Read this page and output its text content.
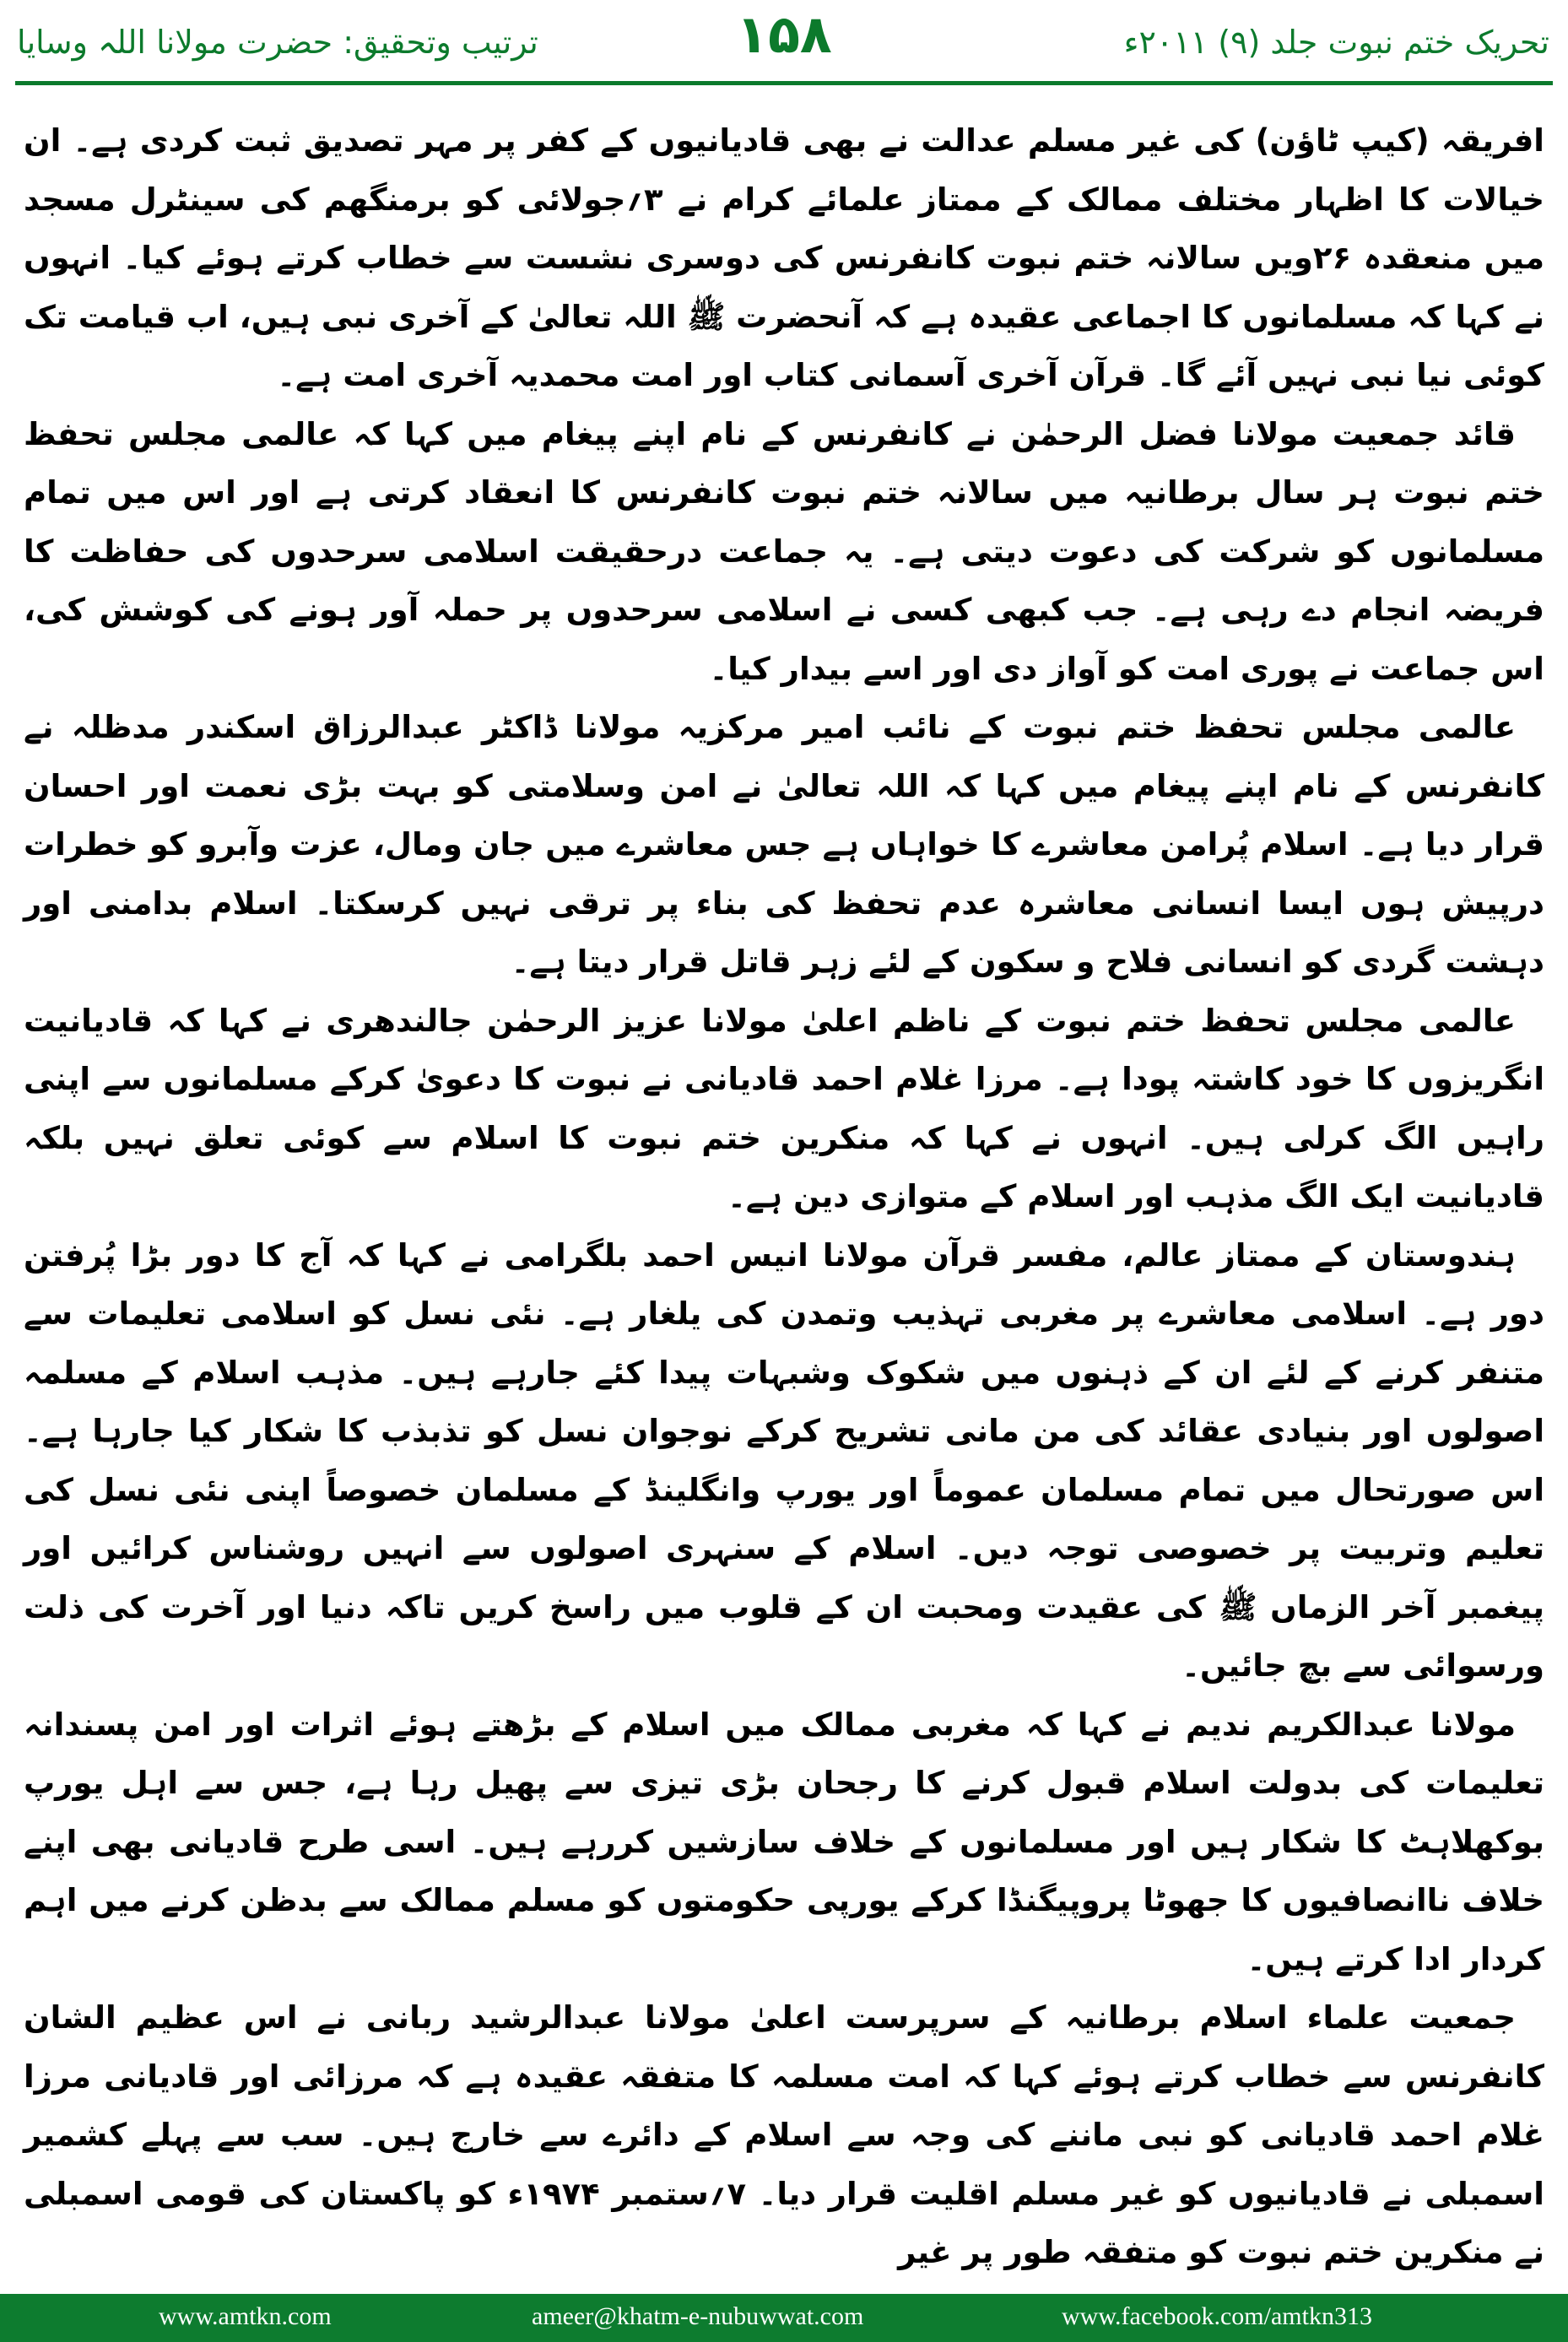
ترتیب وتحقیق: حضرت مولانا اللہ وسایا	۱۵۸	تحریک ختم نبوت جلد (۹) ۲۰۱۱ء

افریقہ (کیپ ٹاؤن) کی غیر مسلم عدالت نے بھی قادیانیوں کے کفر پر مہر تصدیق ثبت کردی ہے۔ ان خیالات کا اظہار مختلف ممالک کے ممتاز علمائے کرام نے ۳؍جولائی کو برمنگھم کی سینٹرل مسجد میں منعقدہ ۲۶ویں سالانہ ختم نبوت کانفرنس کی دوسری نشست سے خطاب کرتے ہوئے کیا۔ انہوں نے کہا کہ مسلمانوں کا اجماعی عقیدہ ہے کہ آنحضرت ﷺ اللہ تعالیٰ کے آخری نبی ہیں، اب قیامت تک کوئی نیا نبی نہیں آئے گا۔ قرآن آخری آسمانی کتاب اور امت محمدیہ آخری امت ہے۔

قائد جمعیت مولانا فضل الرحمٰن نے کانفرنس کے نام اپنے پیغام میں کہا کہ عالمی مجلس تحفظ ختم نبوت ہر سال برطانیہ میں سالانہ ختم نبوت کانفرنس کا انعقاد کرتی ہے اور اس میں تمام مسلمانوں کو شرکت کی دعوت دیتی ہے۔ یہ جماعت درحقیقت اسلامی سرحدوں کی حفاظت کا فریضہ انجام دے رہی ہے۔ جب کبھی کسی نے اسلامی سرحدوں پر حملہ آور ہونے کی کوشش کی، اس جماعت نے پوری امت کو آواز دی اور اسے بیدار کیا۔

عالمی مجلس تحفظ ختم نبوت کے نائب امیر مرکزیہ مولانا ڈاکٹر عبدالرزاق اسکندر مدظلہ نے کانفرنس کے نام اپنے پیغام میں کہا کہ اللہ تعالیٰ نے امن وسلامتی کو بہت بڑی نعمت اور احسان قرار دیا ہے۔ اسلام پُرامن معاشرے کا خواہاں ہے جس معاشرے میں جان ومال، عزت وآبرو کو خطرات درپیش ہوں ایسا انسانی معاشرہ عدم تحفظ کی بناء پر ترقی نہیں کرسکتا۔ اسلام بدامنی اور دہشت گردی کو انسانی فلاح و سکون کے لئے زہر قاتل قرار دیتا ہے۔

عالمی مجلس تحفظ ختم نبوت کے ناظم اعلیٰ مولانا عزیز الرحمٰن جالندھری نے کہا کہ قادیانیت انگریزوں کا خود کاشتہ پودا ہے۔ مرزا غلام احمد قادیانی نے نبوت کا دعویٰ کرکے مسلمانوں سے اپنی راہیں الگ کرلی ہیں۔ انہوں نے کہا کہ منکرین ختم نبوت کا اسلام سے کوئی تعلق نہیں بلکہ قادیانیت ایک الگ مذہب اور اسلام کے متوازی دین ہے۔

ہندوستان کے ممتاز عالم، مفسر قرآن مولانا انیس احمد بلگرامی نے کہا کہ آج کا دور بڑا پُرفتن دور ہے۔ اسلامی معاشرے پر مغربی تہذیب وتمدن کی یلغار ہے۔ نئی نسل کو اسلامی تعلیمات سے متنفر کرنے کے لئے ان کے ذہنوں میں شکوک وشبہات پیدا کئے جارہے ہیں۔ مذہب اسلام کے مسلمہ اصولوں اور بنیادی عقائد کی من مانی تشریح کرکے نوجوان نسل کو تذبذب کا شکار کیا جارہا ہے۔ اس صورتحال میں تمام مسلمان عموماً اور یورپ وانگلینڈ کے مسلمان خصوصاً اپنی نئی نسل کی تعلیم وتربیت پر خصوصی توجہ دیں۔ اسلام کے سنہری اصولوں سے انہیں روشناس کرائیں اور پیغمبر آخر الزماں ﷺ کی عقیدت ومحبت ان کے قلوب میں راسخ کریں تاکہ دنیا اور آخرت کی ذلت ورسوائی سے بچ جائیں۔

مولانا عبدالکریم ندیم نے کہا کہ مغربی ممالک میں اسلام کے بڑھتے ہوئے اثرات اور امن پسندانہ تعلیمات کی بدولت اسلام قبول کرنے کا رجحان بڑی تیزی سے پھیل رہا ہے، جس سے اہل یورپ بوکھلاہٹ کا شکار ہیں اور مسلمانوں کے خلاف سازشیں کررہے ہیں۔ اسی طرح قادیانی بھی اپنے خلاف ناانصافیوں کا جھوٹا پروپیگنڈا کرکے یورپی حکومتوں کو مسلم ممالک سے بدظن کرنے میں اہم کردار ادا کرتے ہیں۔

جمعیت علماء اسلام برطانیہ کے سرپرست اعلیٰ مولانا عبدالرشید ربانی نے اس عظیم الشان کانفرنس سے خطاب کرتے ہوئے کہا کہ امت مسلمہ کا متفقہ عقیدہ ہے کہ مرزائی اور قادیانی مرزا غلام احمد قادیانی کو نبی ماننے کی وجہ سے اسلام کے دائرے سے خارج ہیں۔ سب سے پہلے کشمیر اسمبلی نے قادیانیوں کو غیر مسلم اقلیت قرار دیا۔ ۷؍ستمبر ۱۹۷۴ء کو پاکستان کی قومی اسمبلی نے منکرین ختم نبوت کو متفقہ طور پر غیر

www.amtkn.com	ameer@khatm-e-nubuwwat.com	www.facebook.com/amtkn313
